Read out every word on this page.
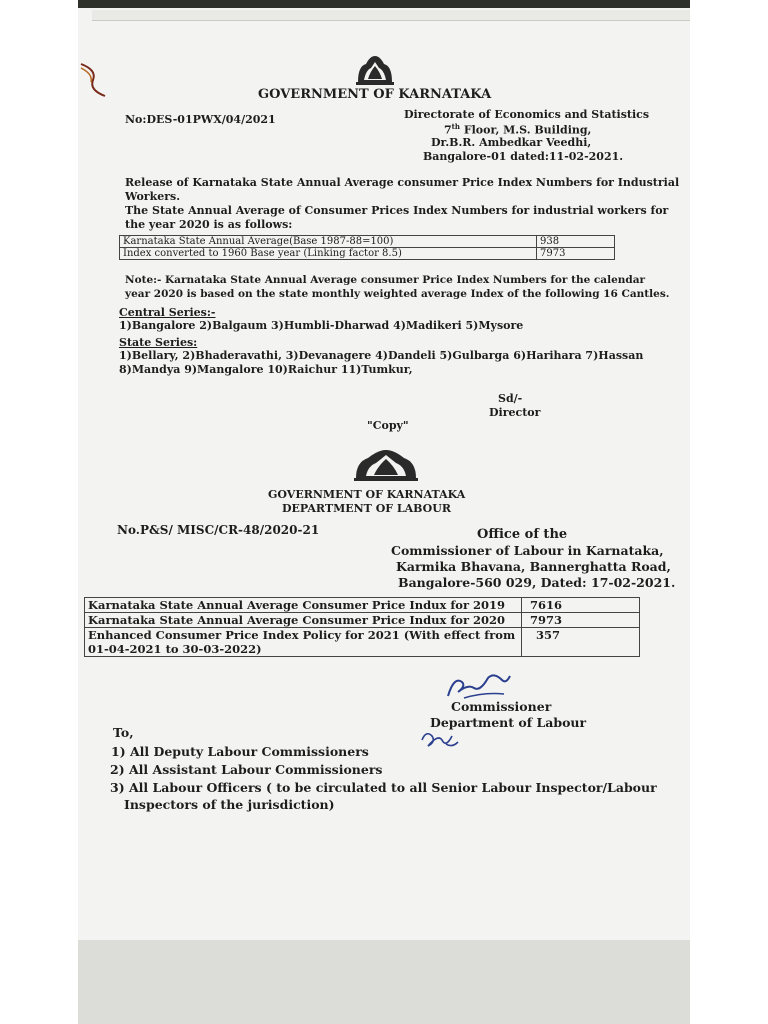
GOVERNMENT OF KARNATAKA
No:DES-01PWX/04/2021	Directorate of Economics and Statistics
7th Floor, M.S. Building,
Dr.B.R. Ambedkar Veedhi,
Bangalore-01 dated:11-02-2021.
Release of Karnataka State Annual Average consumer Price Index Numbers for Industrial
Workers.
The State Annual Average of Consumer Prices Index Numbers for industrial workers for
the year 2020 is as follows:
Karnataka State Annual Average(Base 1987-88=100)	938
Index converted to 1960 Base year (Linking factor 8.5)	7973
Note:- Karnataka State Annual Average consumer Price Index Numbers for the calendar
year 2020 is based on the state monthly weighted average Index of the following 16 Cantles.
Central Series:-
1)Bangalore 2)Balgaum 3)Humbli-Dharwad 4)Madikeri 5)Mysore
State Series:
1)Bellary, 2)Bhaderavathi, 3)Devanagere 4)Dandeli 5)Gulbarga 6)Harihara 7)Hassan
8)Mandya 9)Mangalore 10)Raichur 11)Tumkur,
Sd/-
Director
"Copy"
GOVERNMENT OF KARNATAKA
DEPARTMENT OF LABOUR
No.P&S/ MISC/CR-48/2020-21	Office of the
Commissioner of Labour in Karnataka,
Karmika Bhavana, Bannerghatta Road,
Bangalore-560 029, Dated: 17-02-2021.
Karnataka State Annual Average Consumer Price Indux for 2019	7616
Karnataka State Annual Average Consumer Price Indux for 2020	7973

Enhanced Consumer Price Index Policy for 2021 (With effect from
01-04-2021 to 30-03-2022)	357
Commissioner
Department of Labour
To,
1) All Deputy Labour Commissioners
2) All Assistant Labour Commissioners
3) All Labour Officers ( to be circulated to all Senior Labour Inspector/Labour
Inspectors of the jurisdiction)
